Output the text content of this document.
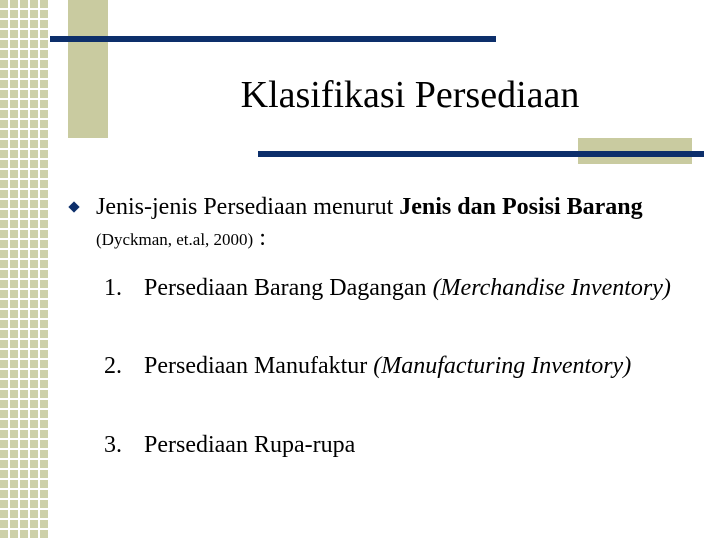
Klasifikasi Persediaan
Jenis-jenis Persediaan menurut Jenis dan Posisi Barang (Dyckman, et.al, 2000) :
1. Persediaan Barang Dagangan (Merchandise Inventory)
2. Persediaan Manufaktur (Manufacturing Inventory)
3. Persediaan Rupa-rupa
